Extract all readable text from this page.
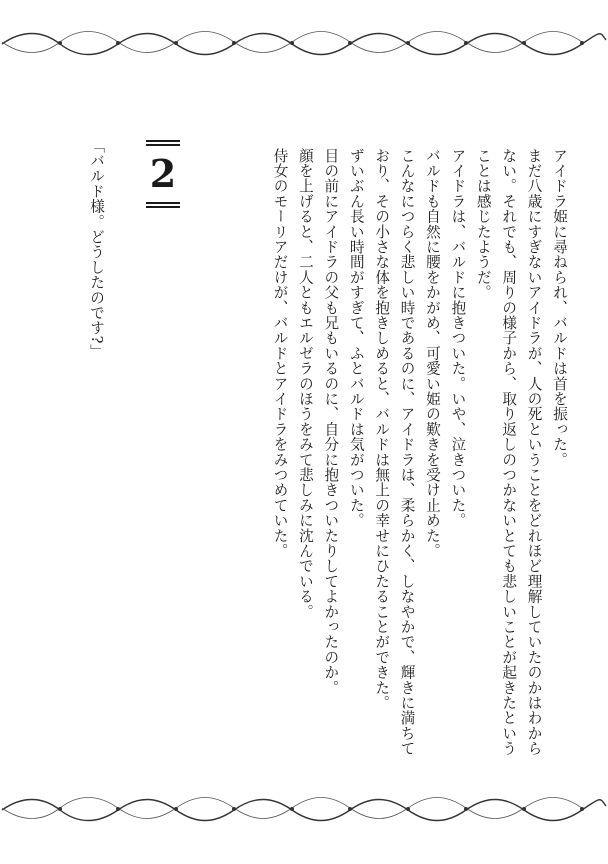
アイドラ姫に尋ねられ、バルドは首を振った。

まだ八歳にすぎないアイドラが、人の死ということをどれほど理解していたのかはわからない。それでも、周りの様子から、取り返しのつかないとても悲しいことが起きたということは感じたようだ。

アイドラは、バルドに抱きついた。いや、泣きついた。

バルドも自然に腰をかがめ、可愛い姫の歎きを受け止めた。

こんなにつらく悲しい時であるのに、アイドラは、柔らかく、しなやかで、輝きに満ちており、その小さな体を抱きしめると、バルドは無上の幸せにひたることができた。

ずいぶん長い時間がすぎて、ふとバルドは気がついた。

目の前にアイドラの父も兄もいるのに、自分に抱きついたりしてよかったのか。

顔を上げると、二人ともエルゼラのほうをみて悲しみに沈んでいる。

侍女のモーリアだけが、バルドとアイドラをみつめていた。

2
「バルド様。どうしたのです?」
